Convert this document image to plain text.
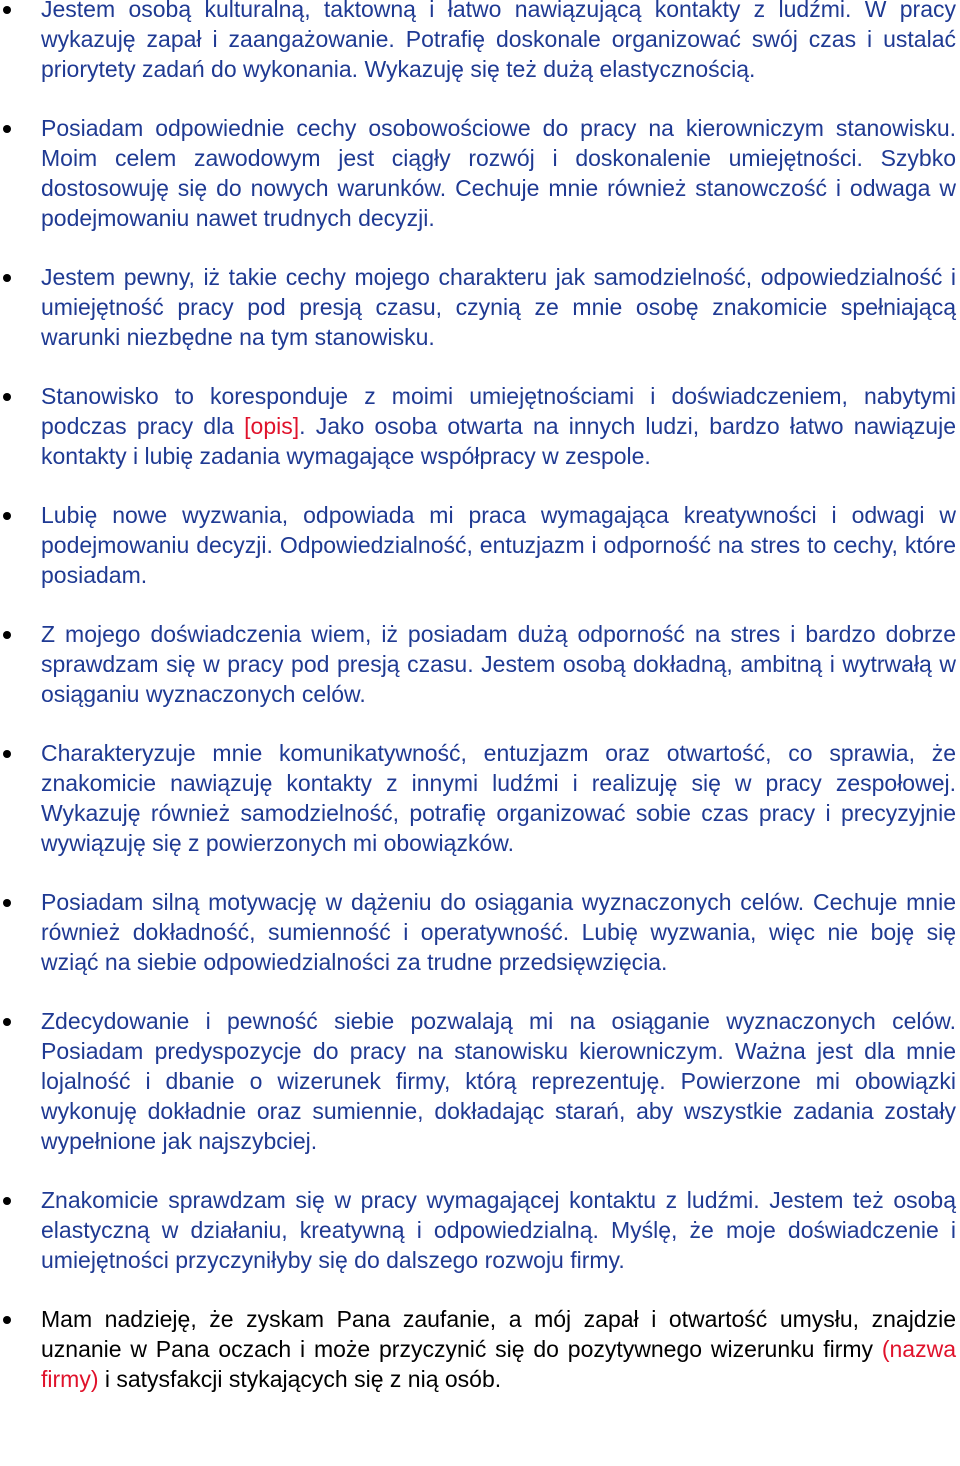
Jestem osobą kulturalną, taktowną i łatwo nawiązującą kontakty z ludźmi. W pracy wykazuję zapał i zaangażowanie. Potrafię doskonale organizować swój czas i ustalać priorytety zadań do wykonania. Wykazuję się też dużą elastycznością.
Posiadam odpowiednie cechy osobowościowe do pracy na kierowniczym stanowisku. Moim celem zawodowym jest ciągły rozwój i doskonalenie umiejętności. Szybko dostosowuję się do nowych warunków. Cechuje mnie również stanowczość i odwaga w podejmowaniu nawet trudnych decyzji.
Jestem pewny, iż takie cechy mojego charakteru jak samodzielność, odpowiedzialność i umiejętność pracy pod presją czasu, czynią ze mnie osobę znakomicie spełniającą warunki niezbędne na tym stanowisku.
Stanowisko to koresponduje z moimi umiejętnościami i doświadczeniem, nabytymi podczas pracy dla [opis]. Jako osoba otwarta na innych ludzi, bardzo łatwo nawiązuje kontakty i lubię zadania wymagające współpracy w zespole.
Lubię nowe wyzwania, odpowiada mi praca wymagająca kreatywności i odwagi w podejmowaniu decyzji. Odpowiedzialność, entuzjazm i odporność na stres to cechy, które posiadam.
Z mojego doświadczenia wiem, iż posiadam dużą odporność na stres i bardzo dobrze sprawdzam się w pracy pod presją czasu. Jestem osobą dokładną, ambitną i wytrwałą w osiąganiu wyznaczonych celów.
Charakteryzuje mnie komunikatywność, entuzjazm oraz otwartość, co sprawia, że znakomicie nawiązuję kontakty z innymi ludźmi i realizuję się w pracy zespołowej. Wykazuję również samodzielność, potrafię organizować sobie czas pracy i precyzyjnie wywiązuję się z powierzonych mi obowiązków.
Posiadam silną motywację w dążeniu do osiągania wyznaczonych celów. Cechuje mnie również dokładność, sumienność i operatywność. Lubię wyzwania, więc nie boję się wziąć na siebie odpowiedzialności za trudne przedsięwzięcia.
Zdecydowanie i pewność siebie pozwalają mi na osiąganie wyznaczonych celów. Posiadam predyspozycje do pracy na stanowisku kierowniczym. Ważna jest dla mnie lojalność i dbanie o wizerunek firmy, którą reprezentuję. Powierzone mi obowiązki wykonuję dokładnie oraz sumiennie, dokładając starań, aby wszystkie zadania zostały wypełnione jak najszybciej.
Znakomicie sprawdzam się w pracy wymagającej kontaktu z ludźmi. Jestem też osobą elastyczną w działaniu, kreatywną i odpowiedzialną. Myślę, że moje doświadczenie i umiejętności przyczyniłyby się do dalszego rozwoju firmy.
Mam nadzieję, że zyskam Pana zaufanie, a mój zapał i otwartość umysłu, znajdzie uznanie w Pana oczach i może przyczynić się do pozytywnego wizerunku firmy (nazwa firmy) i satysfakcji stykających się z nią osób.
